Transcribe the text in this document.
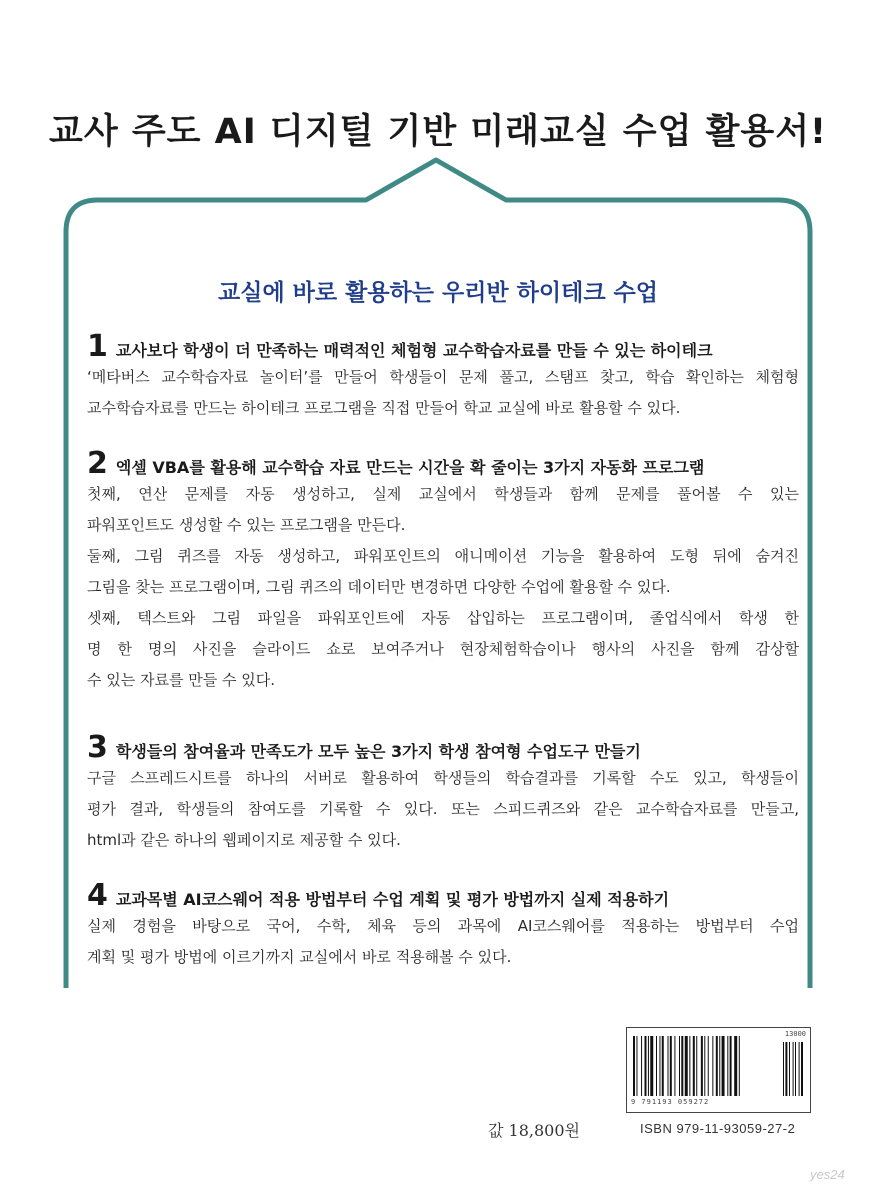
교사 주도 AI 디지털 기반 미래교실 수업 활용서!
교실에 바로 활용하는 우리반 하이테크 수업
1 교사보다 학생이 더 만족하는 매력적인 체험형 교수학습자료를 만들 수 있는 하이테크

‘메타버스 교수학습자료 놀이터’를 만들어 학생들이 문제 풀고, 스탬프 찾고, 학습 확인하는 체험형

교수학습자료를 만드는 하이테크 프로그램을 직접 만들어 학교 교실에 바로 활용할 수 있다.

2 엑셀 VBA를 활용해 교수학습 자료 만드는 시간을 확 줄이는 3가지 자동화 프로그램

첫째, 연산 문제를 자동 생성하고, 실제 교실에서 학생들과 함께 문제를 풀어볼 수 있는

파워포인트도 생성할 수 있는 프로그램을 만든다.

둘째, 그림 퀴즈를 자동 생성하고, 파워포인트의 애니메이션 기능을 활용하여 도형 뒤에 숨겨진

그림을 찾는 프로그램이며, 그림 퀴즈의 데이터만 변경하면 다양한 수업에 활용할 수 있다.

셋째, 텍스트와 그림 파일을 파워포인트에 자동 삽입하는 프로그램이며, 졸업식에서 학생 한

명 한 명의 사진을 슬라이드 쇼로 보여주거나 현장체험학습이나 행사의 사진을 함께 감상할

수 있는 자료를 만들 수 있다.

3 학생들의 참여율과 만족도가 모두 높은 3가지 학생 참여형 수업도구 만들기

구글 스프레드시트를 하나의 서버로 활용하여 학생들의 학습결과를 기록할 수도 있고, 학생들이

평가 결과, 학생들의 참여도를 기록할 수 있다. 또는 스피드퀴즈와 같은 교수학습자료를 만들고,

html과 같은 하나의 웹페이지로 제공할 수 있다.

4 교과목별 AI코스웨어 적용 방법부터 수업 계획 및 평가 방법까지 실제 적용하기

실제 경험을 바탕으로 국어, 수학, 체육 등의 과목에 AI코스웨어를 적용하는 방법부터 수업

계획 및 평가 방법에 이르기까지 교실에서 바로 적용해볼 수 있다.

13000
9 791193 059272
값 18,800원	ISBN 979-11-93059-27-2
yes24
